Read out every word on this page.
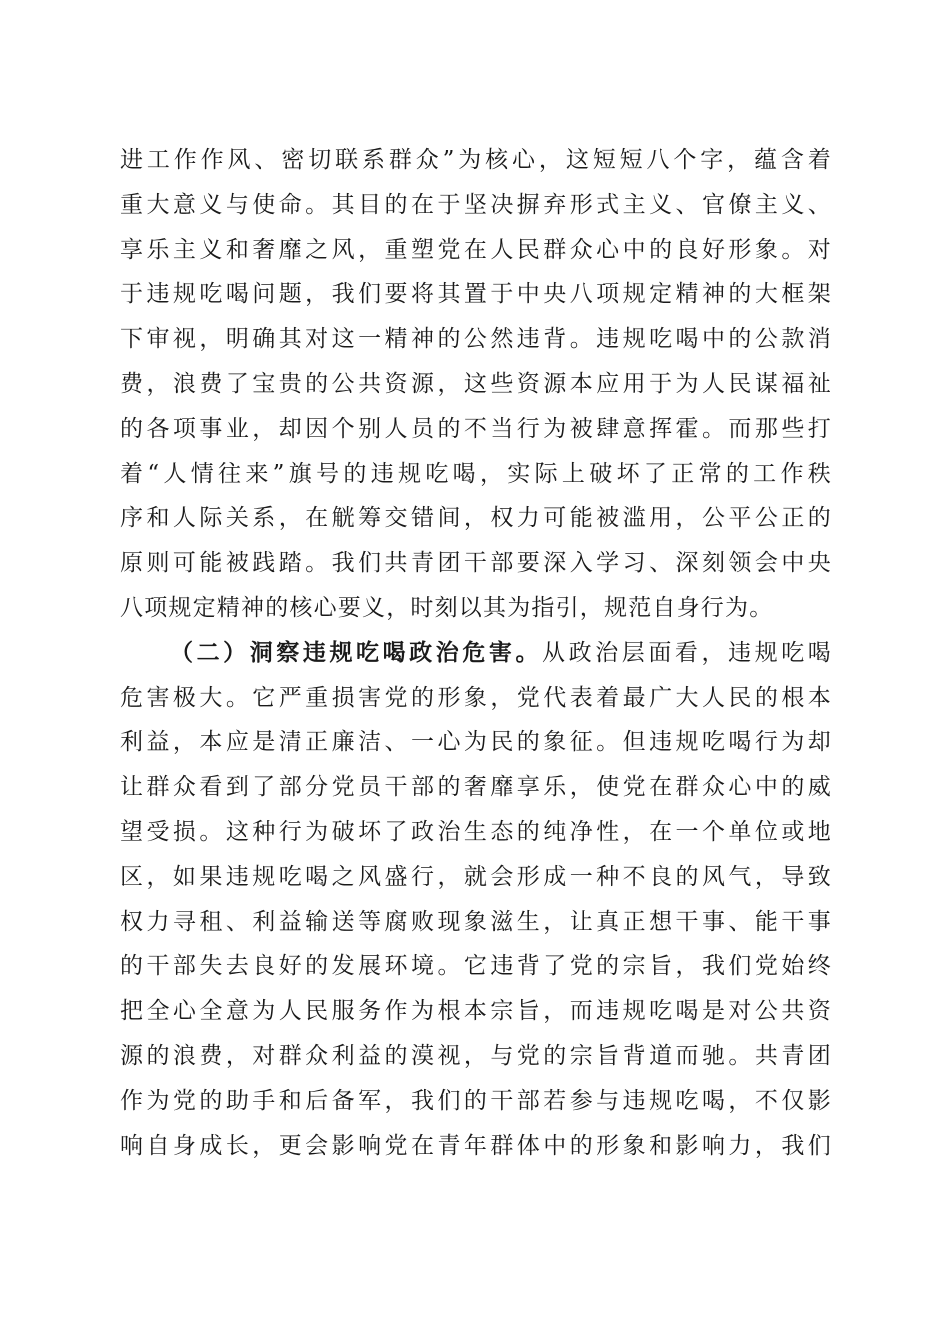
进工作作风、密切联系群众”为核心，这短短八个字，蕴含着
重大意义与使命。其目的在于坚决摒弃形式主义、官僚主义、
享乐主义和奢靡之风，重塑党在人民群众心中的良好形象。对
于违规吃喝问题，我们要将其置于中央八项规定精神的大框架
下审视，明确其对这一精神的公然违背。违规吃喝中的公款消
费，浪费了宝贵的公共资源，这些资源本应用于为人民谋福祉
的各项事业，却因个别人员的不当行为被肆意挥霍。而那些打
着“人情往来”旗号的违规吃喝，实际上破坏了正常的工作秩
序和人际关系，在觥筹交错间，权力可能被滥用，公平公正的
原则可能被践踏。我们共青团干部要深入学习、深刻领会中央
八项规定精神的核心要义，时刻以其为指引，规范自身行为。
（二）洞察违规吃喝政治危害。从政治层面看，违规吃喝
危害极大。它严重损害党的形象，党代表着最广大人民的根本
利益，本应是清正廉洁、一心为民的象征。但违规吃喝行为却
让群众看到了部分党员干部的奢靡享乐，使党在群众心中的威
望受损。这种行为破坏了政治生态的纯净性，在一个单位或地
区，如果违规吃喝之风盛行，就会形成一种不良的风气，导致
权力寻租、利益输送等腐败现象滋生，让真正想干事、能干事
的干部失去良好的发展环境。它违背了党的宗旨，我们党始终
把全心全意为人民服务作为根本宗旨，而违规吃喝是对公共资
源的浪费，对群众利益的漠视，与党的宗旨背道而驰。共青团
作为党的助手和后备军，我们的干部若参与违规吃喝，不仅影
响自身成长，更会影响党在青年群体中的形象和影响力，我们
